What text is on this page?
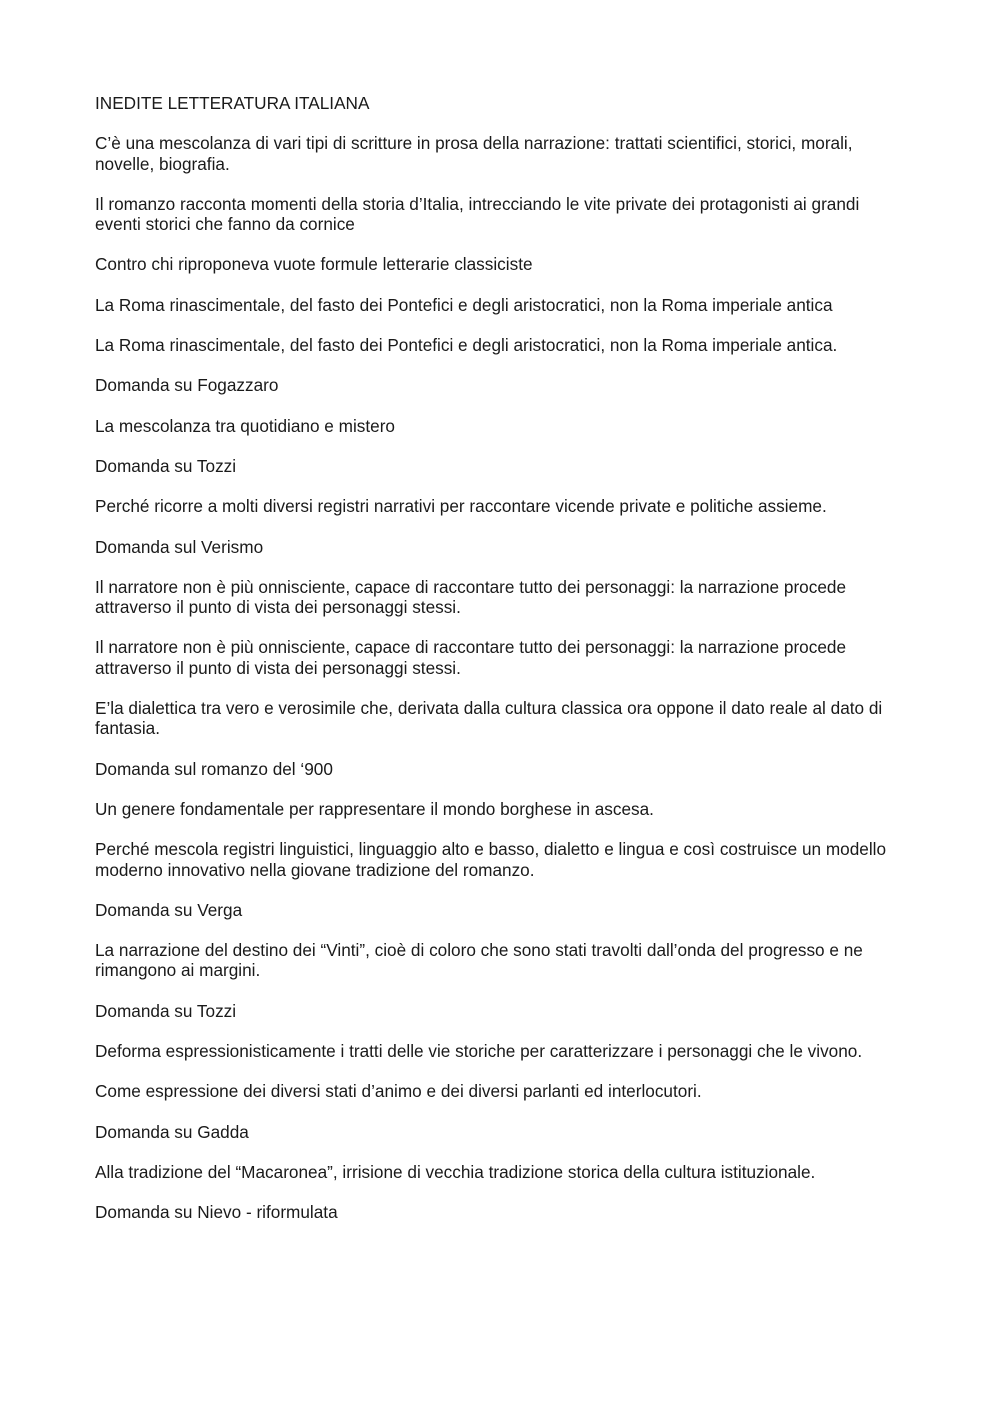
INEDITE LETTERATURA ITALIANA

C’è una mescolanza di vari tipi di scritture in prosa della narrazione: trattati scientifici, storici, morali, novelle, biografia.

Il romanzo racconta momenti della storia d’Italia, intrecciando le vite private dei protagonisti ai grandi eventi storici che fanno da cornice

Contro chi riproponeva vuote formule letterarie classiciste

La Roma rinascimentale, del fasto dei Pontefici e degli aristocratici, non la Roma imperiale antica

La Roma rinascimentale, del fasto dei Pontefici e degli aristocratici, non la Roma imperiale antica.

Domanda su Fogazzaro

La mescolanza tra quotidiano e mistero

Domanda su Tozzi

Perché ricorre a molti diversi registri narrativi per raccontare vicende private e politiche assieme.

Domanda sul Verismo

Il narratore non è più onnisciente, capace di raccontare tutto dei personaggi: la narrazione procede attraverso il punto di vista dei personaggi stessi.

Il narratore non è più onnisciente, capace di raccontare tutto dei personaggi: la narrazione procede attraverso il punto di vista dei personaggi stessi.

E’la dialettica tra vero e verosimile che, derivata dalla cultura classica ora oppone il dato reale al dato di fantasia.

Domanda sul romanzo del ‘900

Un genere fondamentale per rappresentare il mondo borghese in ascesa.

Perché mescola registri linguistici, linguaggio alto e basso, dialetto e lingua e così costruisce un modello moderno innovativo nella giovane tradizione del romanzo.

Domanda su Verga

La narrazione del destino dei “Vinti”, cioè di coloro che sono stati travolti dall’onda del progresso e ne rimangono ai margini.

Domanda su Tozzi

Deforma espressionisticamente i tratti delle vie storiche per caratterizzare i personaggi che le vivono.

Come espressione dei diversi stati d’animo e dei diversi parlanti ed interlocutori.

Domanda su Gadda

Alla tradizione del “Macaronea”, irrisione di vecchia tradizione storica della cultura istituzionale.

Domanda su Nievo - riformulata
